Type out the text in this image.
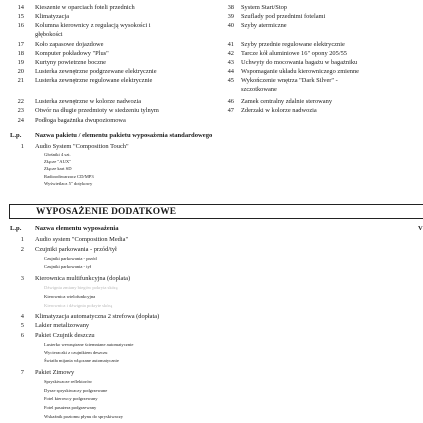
14 Kieszenie w oparciach foteli przednich
15 Klimatyzacja
16 Kolumna kierownicy z regulacją wysokości i
głębokości
17 Koło zapasowe dojazdowe
18 Komputer pokładowy "Plus"
19 Kurtyny powietrzne boczne
20 Lusterka zewnętrzne podgrzewane elektrycznie
21 Lusterka zewnętrzne regulowane elektrycznie
22 Lusterka zewnętrzne w kolorze nadwozia
23 Otwór na długie przedmioty w siedzeniu tylnym
24 Podłoga bagażnika dwupoziomowa
38 System Start/Stop
39 Szuflady pod przednimi fotelami
40 Szyby atermiczne
41 Szyby przednie regulowane elektrycznie
42 Tarcze kół aluminiowe 16" opony 205/55
43 Uchwyty do mocowania bagażu w bagażniku
44 Wspomaganie układu kierowniczego zmienne
45 Wykończenie wnętrza "Dark Silver" -
szczotkowane
46 Zamek centralny zdalnie sterowany
47 Zderzaki w kolorze nadwozia
L.p. Nazwa pakietu / elementu pakietu wyposażenia standardowego
1 Audio System "Composition Touch"
Głośniki 4 szt.
Złącze "AUX"
Złącze kart SD
Radioodtwarzacz CD/MP3
Wyświetlacz 5" dotykowy
WYPOSAŻENIE DODATKOWE
L.p. Nazwa elementu wyposażenia	V
1 Audio system "Composition Media"
2 Czujniki parkowania - przód/tył
Czujniki parkowania - przód
Czujniki parkowania - tył
3 Kierownica multifunkcyjna (doplata)
Dźwignia zmiany biegów pokryta skórą
Kierownica wielofunkcyjna
Kierownica i dźwignia pokryte skórą
4 Klimatyzacja automatyczna 2 strefowa (dopłata)
5 Lakier metalizowany
6 Pakiet Czujnik deszczu
Lusterko wewnętrzne ściemniane automatycznie
Wycieraczki z czujnikiem deszczu
Światła mijania włączane automatycznie
7 Pakiet Zimowy
Spryskiwacze reflektorów
Dysze spryskiwaczy podgrzewane
Fotel kierowcy podgrzewany
Fotel pasażera podgrzewany
Wskaźnik poziomu płynu do spryskiwaczy
